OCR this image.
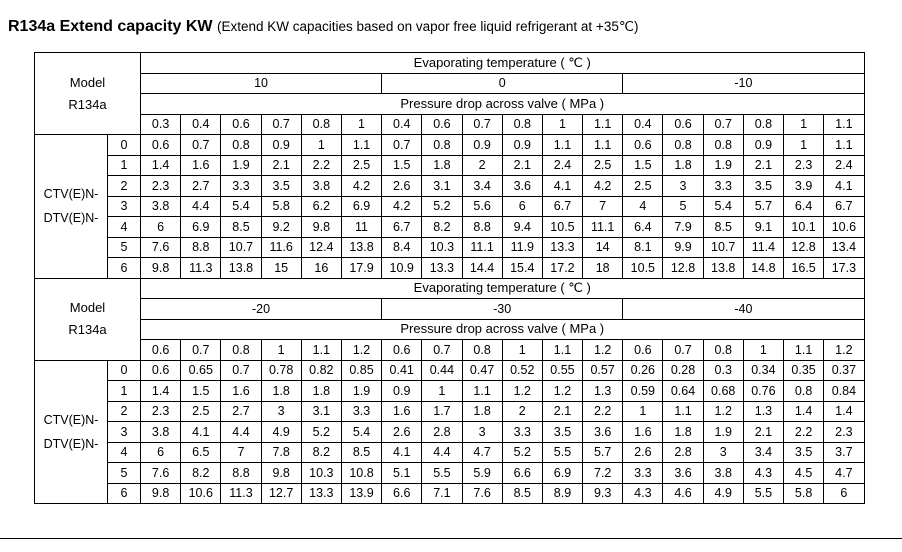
R134a Extend capacity KW (Extend KW capacities based on vapor free liquid refrigerant at +35℃)
Model
R134a		Evaporating temperature ( ℃ )																	
		10						0						-10					
		Pressure drop across valve ( MPa )																	
		0.3	0.4	0.6	0.7	0.8	1	0.4	0.6	0.7	0.8	1	1.1	0.4	0.6	0.7	0.8	1	1.1

CTV(E)N-
DTV(E)N-	0	0.6	0.7	0.8	0.9	1	1.1	0.7	0.8	0.9	0.9	1.1	1.1	0.6	0.8	0.8	0.9	1	1.1
	1	1.4	1.6	1.9	2.1	2.2	2.5	1.5	1.8	2	2.1	2.4	2.5	1.5	1.8	1.9	2.1	2.3	2.4
	2	2.3	2.7	3.3	3.5	3.8	4.2	2.6	3.1	3.4	3.6	4.1	4.2	2.5	3	3.3	3.5	3.9	4.1
	3	3.8	4.4	5.4	5.8	6.2	6.9	4.2	5.2	5.6	6	6.7	7	4	5	5.4	5.7	6.4	6.7
	4	6	6.9	8.5	9.2	9.8	11	6.7	8.2	8.8	9.4	10.5	11.1	6.4	7.9	8.5	9.1	10.1	10.6
	5	7.6	8.8	10.7	11.6	12.4	13.8	8.4	10.3	11.1	11.9	13.3	14	8.1	9.9	10.7	11.4	12.8	13.4
	6	9.8	11.3	13.8	15	16	17.9	10.9	13.3	14.4	15.4	17.2	18	10.5	12.8	13.8	14.8	16.5	17.3

Model
R134a		Evaporating temperature ( ℃ )																	
		-20						-30						-40					
		Pressure drop across valve ( MPa )																	
		0.6	0.7	0.8	1	1.1	1.2	0.6	0.7	0.8	1	1.1	1.2	0.6	0.7	0.8	1	1.1	1.2

CTV(E)N-
DTV(E)N-	0	0.6	0.65	0.7	0.78	0.82	0.85	0.41	0.44	0.47	0.52	0.55	0.57	0.26	0.28	0.3	0.34	0.35	0.37
	1	1.4	1.5	1.6	1.8	1.8	1.9	0.9	1	1.1	1.2	1.2	1.3	0.59	0.64	0.68	0.76	0.8	0.84
	2	2.3	2.5	2.7	3	3.1	3.3	1.6	1.7	1.8	2	2.1	2.2	1	1.1	1.2	1.3	1.4	1.4
	3	3.8	4.1	4.4	4.9	5.2	5.4	2.6	2.8	3	3.3	3.5	3.6	1.6	1.8	1.9	2.1	2.2	2.3
	4	6	6.5	7	7.8	8.2	8.5	4.1	4.4	4.7	5.2	5.5	5.7	2.6	2.8	3	3.4	3.5	3.7
	5	7.6	8.2	8.8	9.8	10.3	10.8	5.1	5.5	5.9	6.6	6.9	7.2	3.3	3.6	3.8	4.3	4.5	4.7
	6	9.8	10.6	11.3	12.7	13.3	13.9	6.6	7.1	7.6	8.5	8.9	9.3	4.3	4.6	4.9	5.5	5.8	6
